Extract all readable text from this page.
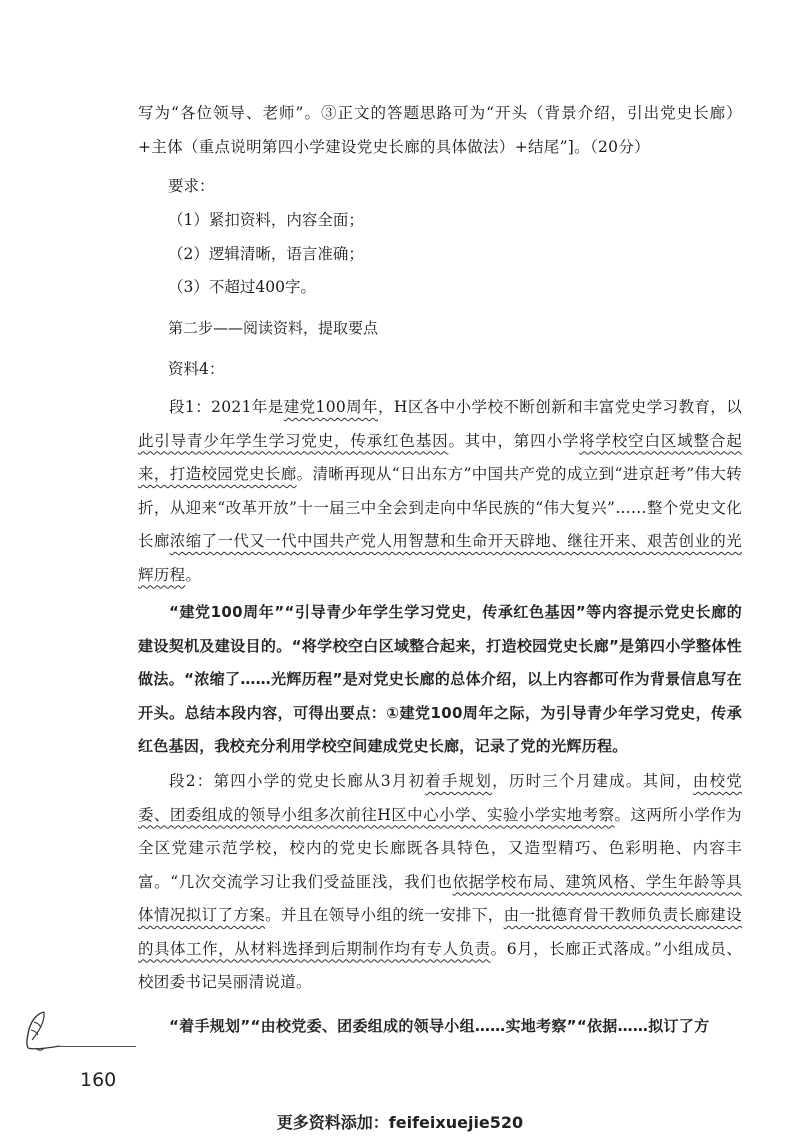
写为“各位领导、老师”。③正文的答题思路可为“开头（背景介绍，引出党史长廊）+主体（重点说明第四小学建设党史长廊的具体做法）+结尾”]。（20分）

要求：

（1）紧扣资料，内容全面；

（2）逻辑清晰，语言准确；

（3）不超过400字。

第二步——阅读资料，提取要点

资料4：

段1：2021年是建党100周年，H区各中小学校不断创新和丰富党史学习教育，以此引导青少年学生学习党史，传承红色基因。其中，第四小学将学校空白区域整合起来，打造校园党史长廊。清晰再现从“日出东方”中国共产党的成立到“进京赶考”伟大转折，从迎来“改革开放”十一届三中全会到走向中华民族的“伟大复兴”……整个党史文化长廊浓缩了一代又一代中国共产党人用智慧和生命开天辟地、继往开来、艰苦创业的光辉历程。

“建党100周年”“引导青少年学生学习党史，传承红色基因”等内容提示党史长廊的建设契机及建设目的。“将学校空白区域整合起来，打造校园党史长廊”是第四小学整体性做法。“浓缩了……光辉历程”是对党史长廊的总体介绍，以上内容都可作为背景信息写在开头。总结本段内容，可得出要点：①建党100周年之际，为引导青少年学习党史，传承红色基因，我校充分利用学校空间建成党史长廊，记录了党的光辉历程。

段2：第四小学的党史长廊从3月初着手规划，历时三个月建成。其间，由校党委、团委组成的领导小组多次前往H区中心小学、实验小学实地考察。这两所小学作为全区党建示范学校，校内的党史长廊既各具特色，又造型精巧、色彩明艳、内容丰富。“几次交流学习让我们受益匪浅，我们也依据学校布局、建筑风格、学生年龄等具体情况拟订了方案。并且在领导小组的统一安排下，由一批德育骨干教师负责长廊建设的具体工作，从材料选择到后期制作均有专人负责。6月，长廊正式落成。”小组成员、校团委书记吴丽清说道。

“着手规划”“由校党委、团委组成的领导小组……实地考察”“依据……拟订了方

160

更多资料添加：feifeixuejie520
